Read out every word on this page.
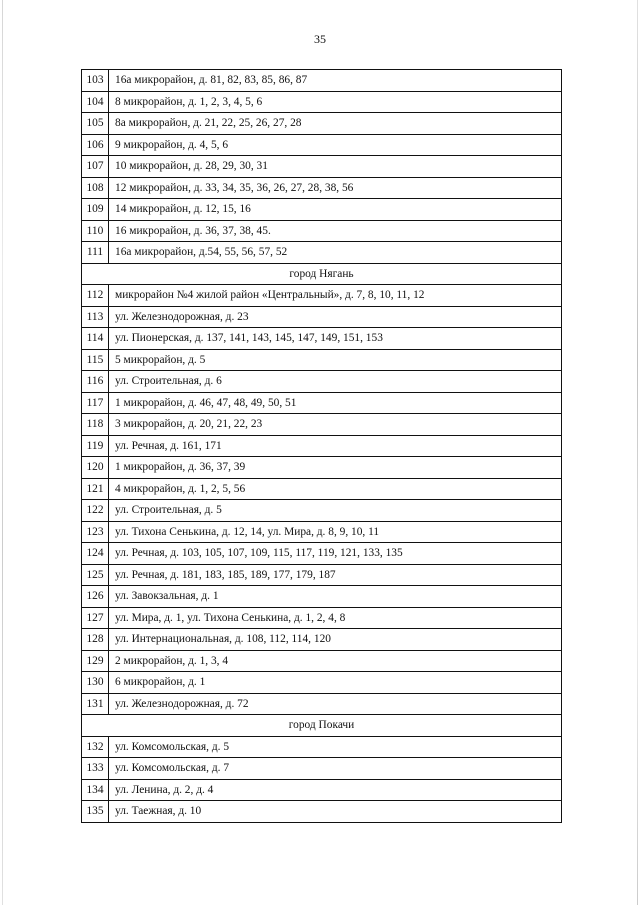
35
103	16а микрорайон, д. 81, 82, 83, 85, 86, 87
104	8 микрорайон, д. 1, 2, 3, 4, 5, 6
105	8а микрорайон, д. 21, 22, 25, 26, 27, 28
106	9 микрорайон, д. 4, 5, 6
107	10 микрорайон, д. 28, 29, 30, 31
108	12 микрорайон, д. 33, 34, 35, 36, 26, 27, 28, 38, 56
109	14 микрорайон, д. 12, 15, 16
110	16 микрорайон, д. 36, 37, 38, 45.
111	16а микрорайон, д.54, 55, 56, 57, 52
город Нягань	
112	микрорайон №4 жилой район «Центральный», д. 7, 8, 10, 11, 12
113	ул. Железнодорожная, д. 23
114	ул. Пионерская, д. 137, 141, 143, 145, 147, 149, 151, 153
115	5 микрорайон, д. 5
116	ул. Строительная, д. 6
117	1 микрорайон, д. 46, 47, 48, 49, 50, 51
118	3 микрорайон, д. 20, 21, 22, 23
119	ул. Речная, д. 161, 171
120	1 микрорайон, д. 36, 37, 39
121	4 микрорайон, д. 1, 2, 5, 56
122	ул. Строительная, д. 5
123	ул. Тихона Сенькина, д. 12, 14, ул. Мира, д. 8, 9, 10, 11
124	ул. Речная, д. 103, 105, 107, 109, 115, 117, 119, 121, 133, 135
125	ул. Речная, д. 181, 183, 185, 189, 177, 179, 187
126	ул. Завокзальная, д. 1
127	ул. Мира, д. 1, ул. Тихона Сенькина, д. 1, 2, 4, 8
128	ул. Интернациональная, д. 108, 112, 114, 120
129	2 микрорайон, д. 1, 3, 4
130	6 микрорайон, д. 1
131	ул. Железнодорожная, д. 72
город Покачи	
132	ул. Комсомольская, д. 5
133	ул. Комсомольская, д. 7
134	ул. Ленина, д. 2, д. 4
135	ул. Таежная, д. 10
